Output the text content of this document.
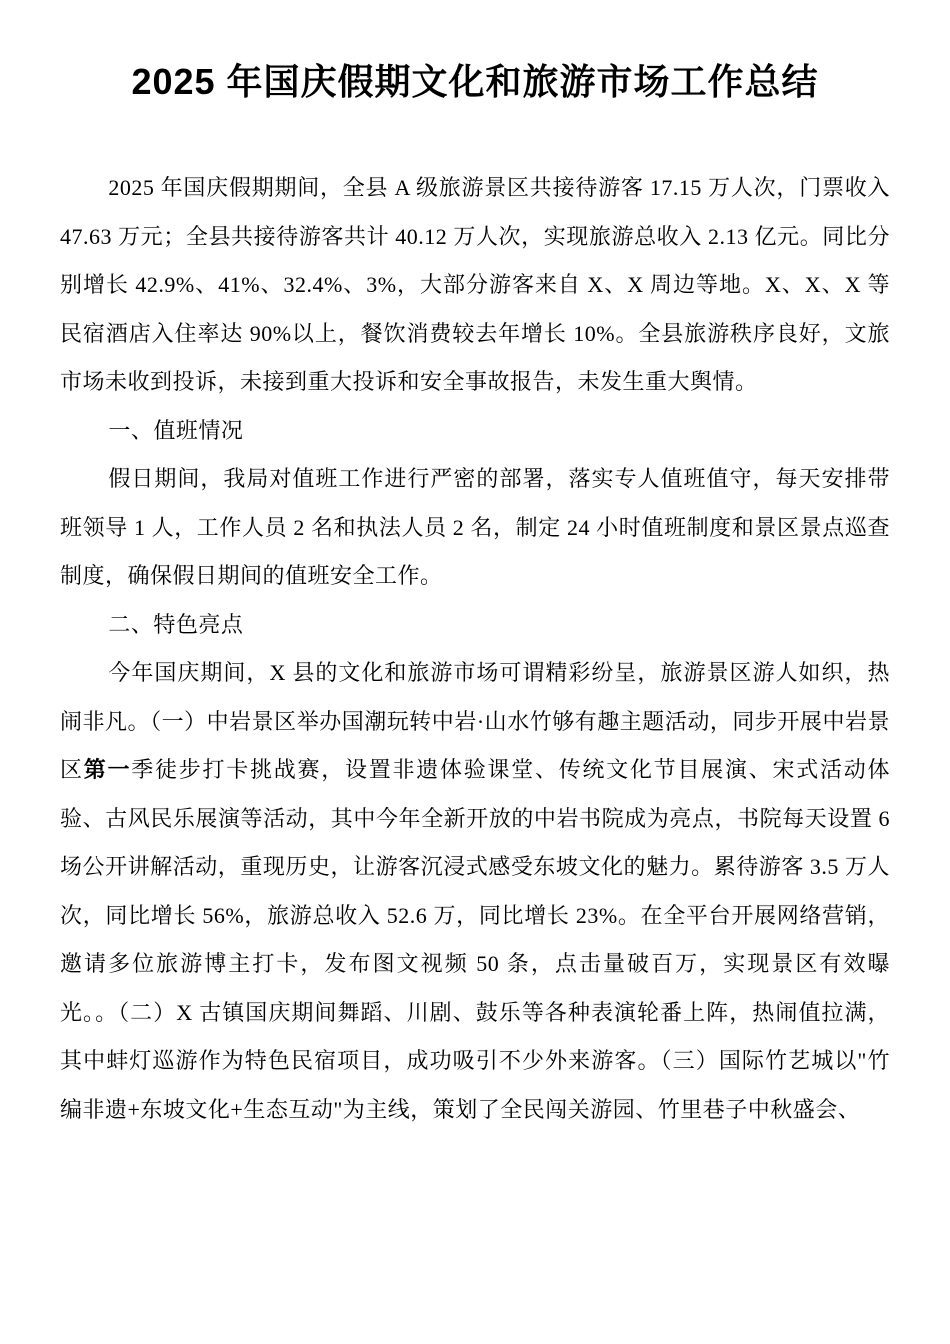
2025 年国庆假期文化和旅游市场工作总结

2025 年国庆假期期间，全县 A 级旅游景区共接待游客 17.15 万人次，门票收入 47.63 万元；全县共接待游客共计 40.12 万人次，实现旅游总收入 2.13 亿元。同比分别增长 42.9%、41%、32.4%、3%，大部分游客来自 X、X 周边等地。X、X、X 等民宿酒店入住率达 90%以上，餐饮消费较去年增长 10%。全县旅游秩序良好，文旅市场未收到投诉，未接到重大投诉和安全事故报告，未发生重大舆情。

一、值班情况

假日期间，我局对值班工作进行严密的部署，落实专人值班值守，每天安排带班领导 1 人，工作人员 2 名和执法人员 2 名，制定 24 小时值班制度和景区景点巡查制度，确保假日期间的值班安全工作。

二、特色亮点

今年国庆期间，X 县的文化和旅游市场可谓精彩纷呈，旅游景区游人如织，热闹非凡。（一）中岩景区举办国潮玩转中岩·山水竹够有趣主题活动，同步开展中岩景区第一季徒步打卡挑战赛，设置非遗体验课堂、传统文化节目展演、宋式活动体验、古风民乐展演等活动，其中今年全新开放的中岩书院成为亮点，书院每天设置 6 场公开讲解活动，重现历史，让游客沉浸式感受东坡文化的魅力。累待游客 3.5 万人次，同比增长 56%，旅游总收入 52.6 万，同比增长 23%。在全平台开展网络营销，邀请多位旅游博主打卡，发布图文视频 50 条，点击量破百万，实现景区有效曝光。。（二）X 古镇国庆期间舞蹈、川剧、鼓乐等各种表演轮番上阵，热闹值拉满，其中蚌灯巡游作为特色民宿项目，成功吸引不少外来游客。（三）国际竹艺城以"竹编非遗+东坡文化+生态互动"为主线，策划了全民闯关游园、竹里巷子中秋盛会、
